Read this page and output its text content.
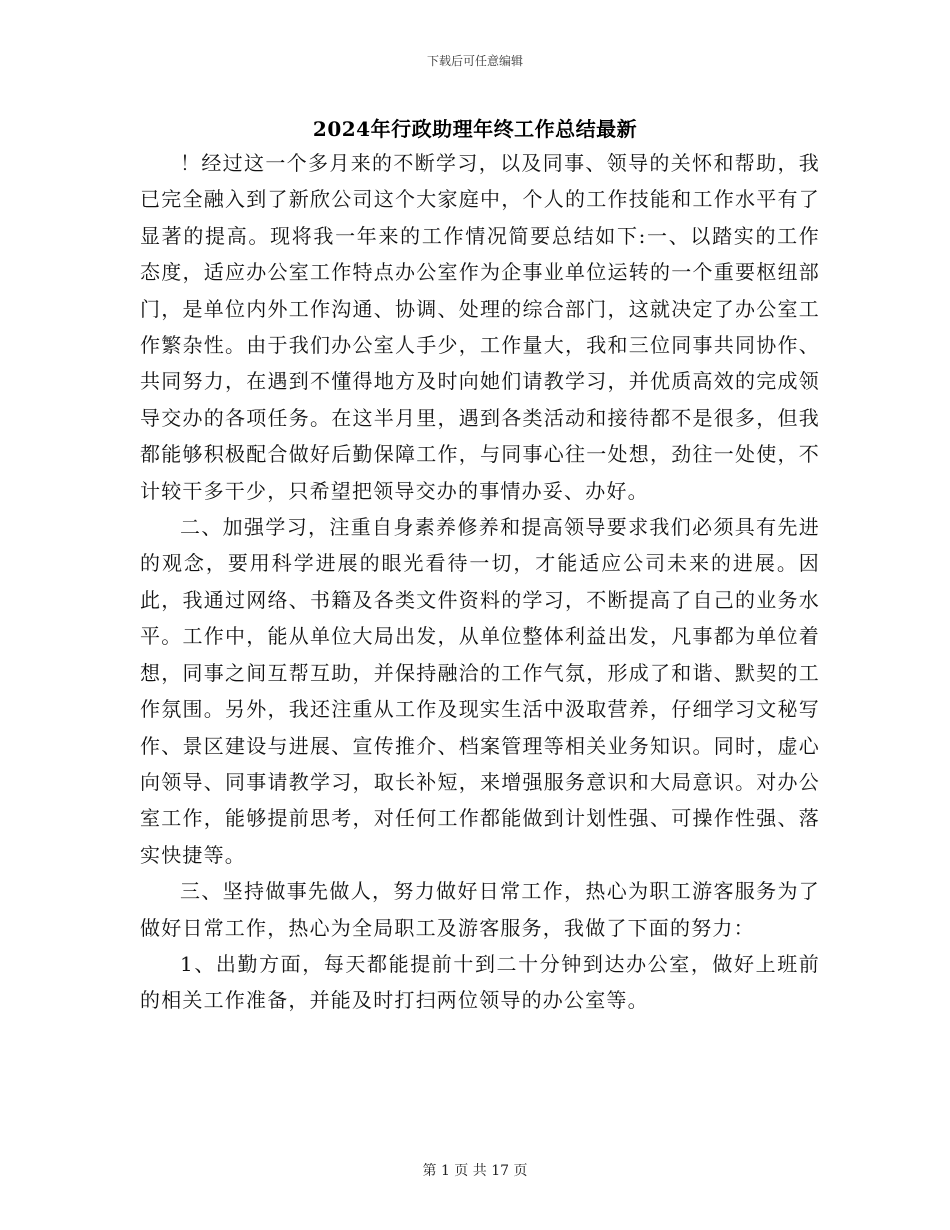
下载后可任意编辑
2024年行政助理年终工作总结最新

！经过这一个多月来的不断学习，以及同事、领导的关怀和帮助，我已完全融入到了新欣公司这个大家庭中，个人的工作技能和工作水平有了显著的提高。现将我一年来的工作情况简要总结如下:一、以踏实的工作态度，适应办公室工作特点办公室作为企事业单位运转的一个重要枢纽部门，是单位内外工作沟通、协调、处理的综合部门，这就决定了办公室工作繁杂性。由于我们办公室人手少，工作量大，我和三位同事共同协作、共同努力，在遇到不懂得地方及时向她们请教学习，并优质高效的完成领导交办的各项任务。在这半月里，遇到各类活动和接待都不是很多，但我都能够积极配合做好后勤保障工作，与同事心往一处想，劲往一处使，不计较干多干少，只希望把领导交办的事情办妥、办好。

二、加强学习，注重自身素养修养和提高领导要求我们必须具有先进的观念，要用科学进展的眼光看待一切，才能适应公司未来的进展。因此，我通过网络、书籍及各类文件资料的学习，不断提高了自己的业务水平。工作中，能从单位大局出发，从单位整体利益出发，凡事都为单位着想，同事之间互帮互助，并保持融洽的工作气氛，形成了和谐、默契的工作氛围。另外，我还注重从工作及现实生活中汲取营养，仔细学习文秘写作、景区建设与进展、宣传推介、档案管理等相关业务知识。同时，虚心向领导、同事请教学习，取长补短，来增强服务意识和大局意识。对办公室工作，能够提前思考，对任何工作都能做到计划性强、可操作性强、落实快捷等。

三、坚持做事先做人，努力做好日常工作，热心为职工游客服务为了做好日常工作，热心为全局职工及游客服务，我做了下面的努力：

1、出勤方面，每天都能提前十到二十分钟到达办公室，做好上班前的相关工作准备，并能及时打扫两位领导的办公室等。

第 1 页 共 17 页
